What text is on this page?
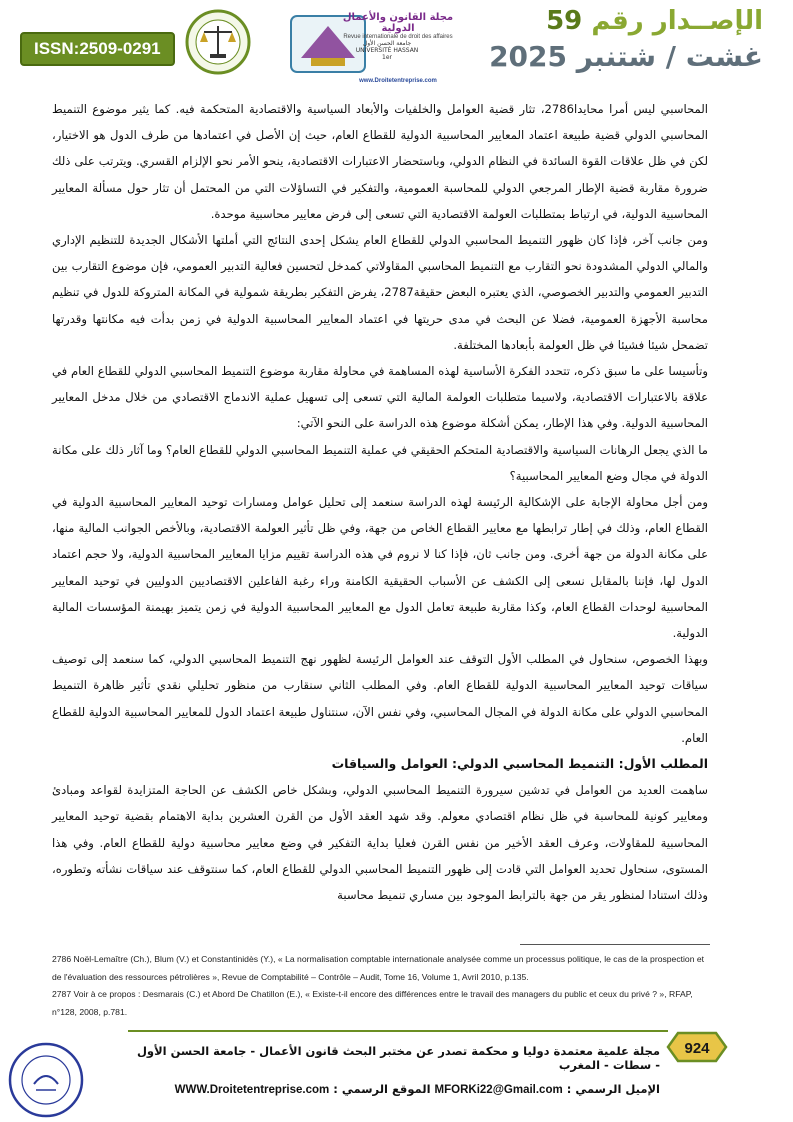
ISSN:2509-0291
مجلة القانون والأعمال الدولية
Revue internationale de droit des affaires
www.Droitetentreprise.com
جامعة الحسن الأول
UNIVERSITÉ HASSAN 1er
الإصــدار رقم 59
غشت / شتنبر 2025

المحاسبي ليس أمرا محايدا2786، تثار قضية العوامل والخلفيات والأبعاد السياسية والاقتصادية المتحكمة فيه. كما يثير موضوع التنميط المحاسبي الدولي قضية طبيعة اعتماد المعايير المحاسبية الدولية للقطاع العام، حيث إن الأصل في اعتمادها من طرف الدول هو الاختيار، لكن في ظل علاقات القوة السائدة في النظام الدولي، وباستحضار الاعتبارات الاقتصادية، ينحو الأمر نحو الإلزام القسري. ويترتب على ذلك ضرورة مقاربة قضية الإطار المرجعي الدولي للمحاسبة العمومية، والتفكير في التساؤلات التي من المحتمل أن تثار حول مسألة المعايير المحاسبية الدولية، في ارتباط بمتطلبات العولمة الاقتصادية التي تسعى إلى فرض معايير محاسبية موحدة.

ومن جانب آخر، فإذا كان ظهور التنميط المحاسبي الدولي للقطاع العام يشكل إحدى النتائج التي أملتها الأشكال الجديدة للتنظيم الإداري والمالي الدولي المشدودة نحو التقارب مع التنميط المحاسبي المقاولاتي كمدخل لتحسين فعالية التدبير العمومي، فإن موضوع التقارب بين التدبير العمومي والتدبير الخصوصي، الذي يعتبره البعض حقيقة2787، يفرض التفكير بطريقة شمولية في المكانة المتروكة للدول في تنظيم محاسبة الأجهزة العمومية، فضلا عن البحث في مدى حريتها في اعتماد المعايير المحاسبية الدولية في زمن بدأت فيه مكانتها وقدرتها تضمحل شيئا فشيئا في ظل العولمة بأبعادها المختلفة.

وتأسيسا على ما سبق ذكره، تتحدد الفكرة الأساسية لهذه المساهمة في محاولة مقاربة موضوع التنميط المحاسبي الدولي للقطاع العام في علاقة بالاعتبارات الاقتصادية، ولاسيما متطلبات العولمة المالية التي تسعى إلى تسهيل عملية الاندماج الاقتصادي من خلال مدخل المعايير المحاسبية الدولية. وفي هذا الإطار، يمكن أشكلة موضوع هذه الدراسة على النحو الآتي:

ما الذي يجعل الرهانات السياسية والاقتصادية المتحكم الحقيقي في عملية التنميط المحاسبي الدولي للقطاع العام؟ وما آثار ذلك على مكانة الدولة في مجال وضع المعايير المحاسبية؟

ومن أجل محاولة الإجابة على الإشكالية الرئيسة لهذه الدراسة سنعمد إلى تحليل عوامل ومسارات توحيد المعايير المحاسبية الدولية في القطاع العام، وذلك في إطار ترابطها مع معايير القطاع الخاص من جهة، وفي ظل تأثير العولمة الاقتصادية، وبالأخص الجوانب المالية منها، على مكانة الدولة من جهة أخرى. ومن جانب ثان، فإذا كنا لا نروم في هذه الدراسة تقييم مزايا المعايير المحاسبية الدولية، ولا حجم اعتماد الدول لها، فإننا بالمقابل نسعى إلى الكشف عن الأسباب الحقيقية الكامنة وراء رغبة الفاعلين الاقتصاديين الدوليين في توحيد المعايير المحاسبية لوحدات القطاع العام، وكذا مقاربة طبيعة تعامل الدول مع المعايير المحاسبية الدولية في زمن يتميز بهيمنة المؤسسات المالية الدولية.

وبهذا الخصوص، سنحاول في المطلب الأول التوقف عند العوامل الرئيسة لظهور نهج التنميط المحاسبي الدولي، كما سنعمد إلى توصيف سياقات توحيد المعايير المحاسبية الدولية للقطاع العام. وفي المطلب الثاني سنقارب من منظور تحليلي نقدي تأثير ظاهرة التنميط المحاسبي الدولي على مكانة الدولة في المجال المحاسبي، وفي نفس الآن، سنتناول طبيعة اعتماد الدول للمعايير المحاسبية الدولية للقطاع العام.

المطلب الأول: التنميط المحاسبي الدولي: العوامل والسياقات

ساهمت العديد من العوامل في تدشين سيرورة التنميط المحاسبي الدولي، وبشكل خاص الكشف عن الحاجة المتزايدة لقواعد ومبادئ ومعايير كونية للمحاسبة في ظل نظام اقتصادي معولم. وقد شهد العقد الأول من القرن العشرين بداية الاهتمام بقضية توحيد المعايير المحاسبية للمقاولات، وعرف العقد الأخير من نفس القرن فعليا بداية التفكير في وضع معايير محاسبية دولية للقطاع العام. وفي هذا المستوى، سنحاول تحديد العوامل التي قادت إلى ظهور التنميط المحاسبي الدولي للقطاع العام، كما سنتوقف عند سياقات نشأته وتطوره، وذلك استنادا لمنظور يقر من جهة بالترابط الموجود بين مساري تنميط محاسبة

2786 Noël-Lemaître (Ch.), Blum (V.) et Constantinidès (Y.), « La normalisation comptable internationale analysée comme un processus politique, le cas de la prospection et de l'évaluation des ressources pétrolières », Revue de Comptabilité – Contrôle – Audit, Tome 16, Volume 1, Avril 2010, p.135.

2787 Voir à ce propos : Desmarais (C.) et Abord De Chatillon (E.), « Existe-t-il encore des différences entre le travail des managers du public et ceux du privé ? », RFAP, n°128, 2008, p.781.

924
مجلة علمية معتمدة دوليا و محكمة تصدر عن مختبر البحث قانون الأعمال - جامعة الحسن الأول - سطات - المغرب
الإميل الرسمي : MFORKi22@Gmail.com الموقع الرسمي : WWW.Droitetentreprise.com
